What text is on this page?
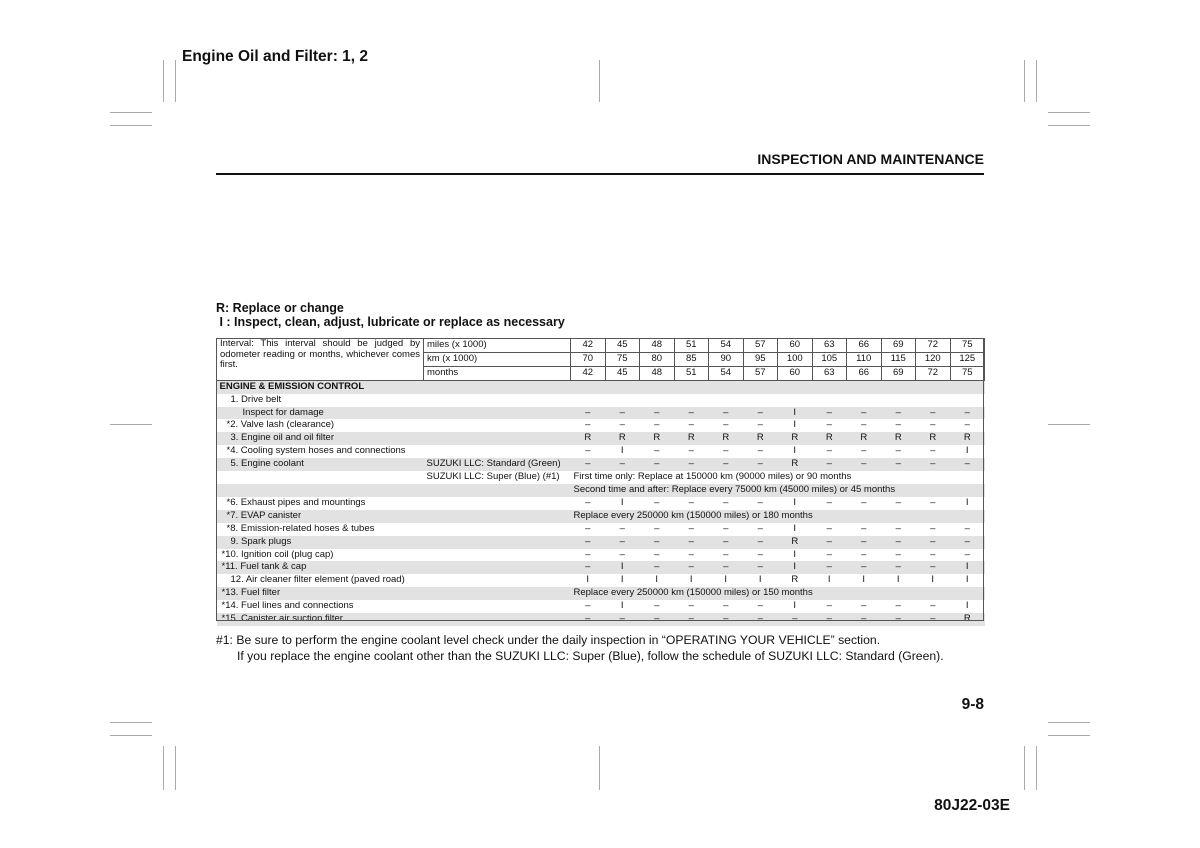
Engine Oil and Filter: 1, 2
INSPECTION AND MAINTENANCE
R: Replace or change
I : Inspect, clean, adjust, lubricate or replace as necessary
Interval: This interval should be judged by odometer reading or months, whichever comes first.	miles (x 1000)	42	45	48	51	54	57	60	63	66	69	72	75
	km (x 1000)	70	75	80	85	90	95	100	105	110	115	120	125
	months	42	45	48	51	54	57	60	63	66	69	72	75
ENGINE & EMISSION CONTROL													
1. Drive belt													
Inspect for damage		–	–	–	–	–	–	I	–	–	–	–	–
*2. Valve lash (clearance)		–	–	–	–	–	–	I	–	–	–	–	–
3. Engine oil and oil filter		R	R	R	R	R	R	R	R	R	R	R	R
*4. Cooling system hoses and connections		–	I	–	–	–	–	I	–	–	–	–	I
5. Engine coolant	SUZUKI LLC: Standard (Green)	–	–	–	–	–	–	R	–	–	–	–	–
	SUZUKI LLC: Super (Blue) (#1)	First time only: Replace at 150000 km (90000 miles) or 90 months											
		Second time and after: Replace every 75000 km (45000 miles) or 45 months											
*6. Exhaust pipes and mountings		–	I	–	–	–	–	I	–	–	–	–	I
*7. EVAP canister		Replace every 250000 km (150000 miles) or 180 months											
*8. Emission-related hoses & tubes		–	–	–	–	–	–	I	–	–	–	–	–
9. Spark plugs		–	–	–	–	–	–	R	–	–	–	–	–
*10. Ignition coil (plug cap)		–	–	–	–	–	–	I	–	–	–	–	–
*11. Fuel tank & cap		–	I	–	–	–	–	I	–	–	–	–	I
12. Air cleaner filter element (paved road)		I	I	I	I	I	I	R	I	I	I	I	I
*13. Fuel filter		Replace every 250000 km (150000 miles) or 150 months											
*14. Fuel lines and connections		–	I	–	–	–	–	I	–	–	–	–	I
*15. Canister air suction filter		–	–	–	–	–	–	–	–	–	–	–	R
#1: Be sure to perform the engine coolant level check under the daily inspection in “OPERATING YOUR VEHICLE” section.
If you replace the engine coolant other than the SUZUKI LLC: Super (Blue), follow the schedule of SUZUKI LLC: Standard (Green).
9-8
80J22-03E
